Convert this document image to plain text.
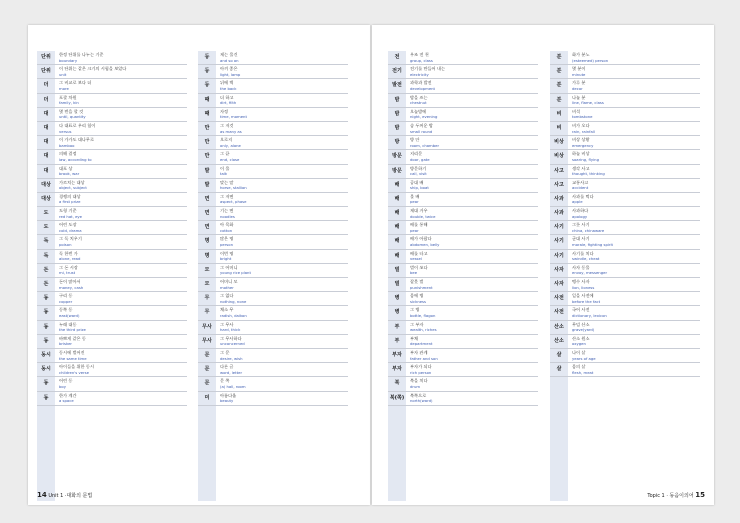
단위	한정 단위를 나누는 기준
boundary
단위	이 단위는 같은 크기의 시험을 보았다
unit
더	그 비교로 보다 더
more
더	포괄 차원
family, kin
대	몇 번을 할 것
until, quantity
대	다 대표로 우리 힘이
versus
대	이 가가도 대나무로
bamboo
대	의해 결정
law, according to
대	대포 상
brook, war
대상	가르치는 대상
object, subject
대상	경쟁의 대상
a first prize
도	도형 기준
red hat, eye
도	어린 도장
cold, drama
독	그 독 치우기
poison
독	독 한번 가
alone, read
돈	그 돈 시장
mi, trust
돈	돈이 많아서
money, cash
동	구리 동
copper
동	동쪽 동
east(ward)
동	누래 대동
the third prize
동	바쁘게 같은 동
brisker
동시	동시에 벌어진
the same time
동시	아이들을 위한 동시
children's verse
동	어린 동
boy
동	한가 계간
a space
등	제는 물건
and so on
등	아끼 좋은
light, lamp
등	뒤에 벽
the back
때	더 하고
dirt, filth
때	자정
time, moment
만	그 저것
as many as
만	오로지
only, alone
만	그 끝
end, close
말	이 물
talk
말	맞는 말
horse, stallion
면	그 저면
aspect, phase
면	기는 면
noodles
면	아 목화
cotton
명	많은 명
person
명	이번 명
bright
모	그 어머니
young rice plant
모	어머니 모
mother
무	그 없다
nothing, none
무	채소 무
radish, daikon
무사	그 무사
hard, thick
무사	그 무사하다
unconcerned
문	그 문
desire, wish
문	다른 글
word, letter
문	문 쪽
(a) hall, room
미	아름다울
beauty
14 Unit 1 ·대화의 문법
전	우조 전 천
group, class
전기	전기를 만들어 내는
electricity
발전	과학과 발전
development
밤	밤을 즈는
chestnut
밤	오늘밤에
night, evening
밤	솜 두꺼운 밤
small round
방	방 안
room, chamber
방문	지리문
door, gate
방문	방문하기
call, visit
배	공대 배
ship, boat
배	물 배
pear
배	제대 거우
double, twice
배	배를 통해
pear
배	배가 아팠다
abdomen, belly
배	배를 타고
vessel
벌	벌이 쏘다
bee
벌	잘못 벌
punishment
병	몸에 병
sickness
병	그 병
bottle, flagon
부	그 부자
wealth, riches
부	부채
department
부자	부자 관계
father and son
부자	부자가 되다
rich person
북	북을 치다
drum
북(쪽)	북쪽으로
north(ward)
분	화가 분노
(esteemed) person
분	몇 분이
minute
분	가루 분
decor
분	나눌 분
line, flame, class
비	비석
tombstone
비	비가 오다
rain, rainfall
비상	비상 상황
emergency
비상	하늘 비상
soaring, flying
사고	생각 사고
thought, thinking
사고	교통사고
accident
사과	사과를 먹다
apple
사과	사과하다
apology
사기	그릇 사기
china, chinaware
사기	군대 사기
morale, fighting spirit
사기	사기를 치다
swindle, cheat
사자	사자 동물
envoy, messenger
사자	맹수 사자
lion, lioness
사전	일을 사전에
before the fact
사전	국어 사전
dictionary, lexicon
산소	무덤 산소
grave(yard)
산소	산소 원소
oxygen
살	나이 살
years of age
살	몸의 살
flesh, meat
Topic 1 · 동음이의어 15
